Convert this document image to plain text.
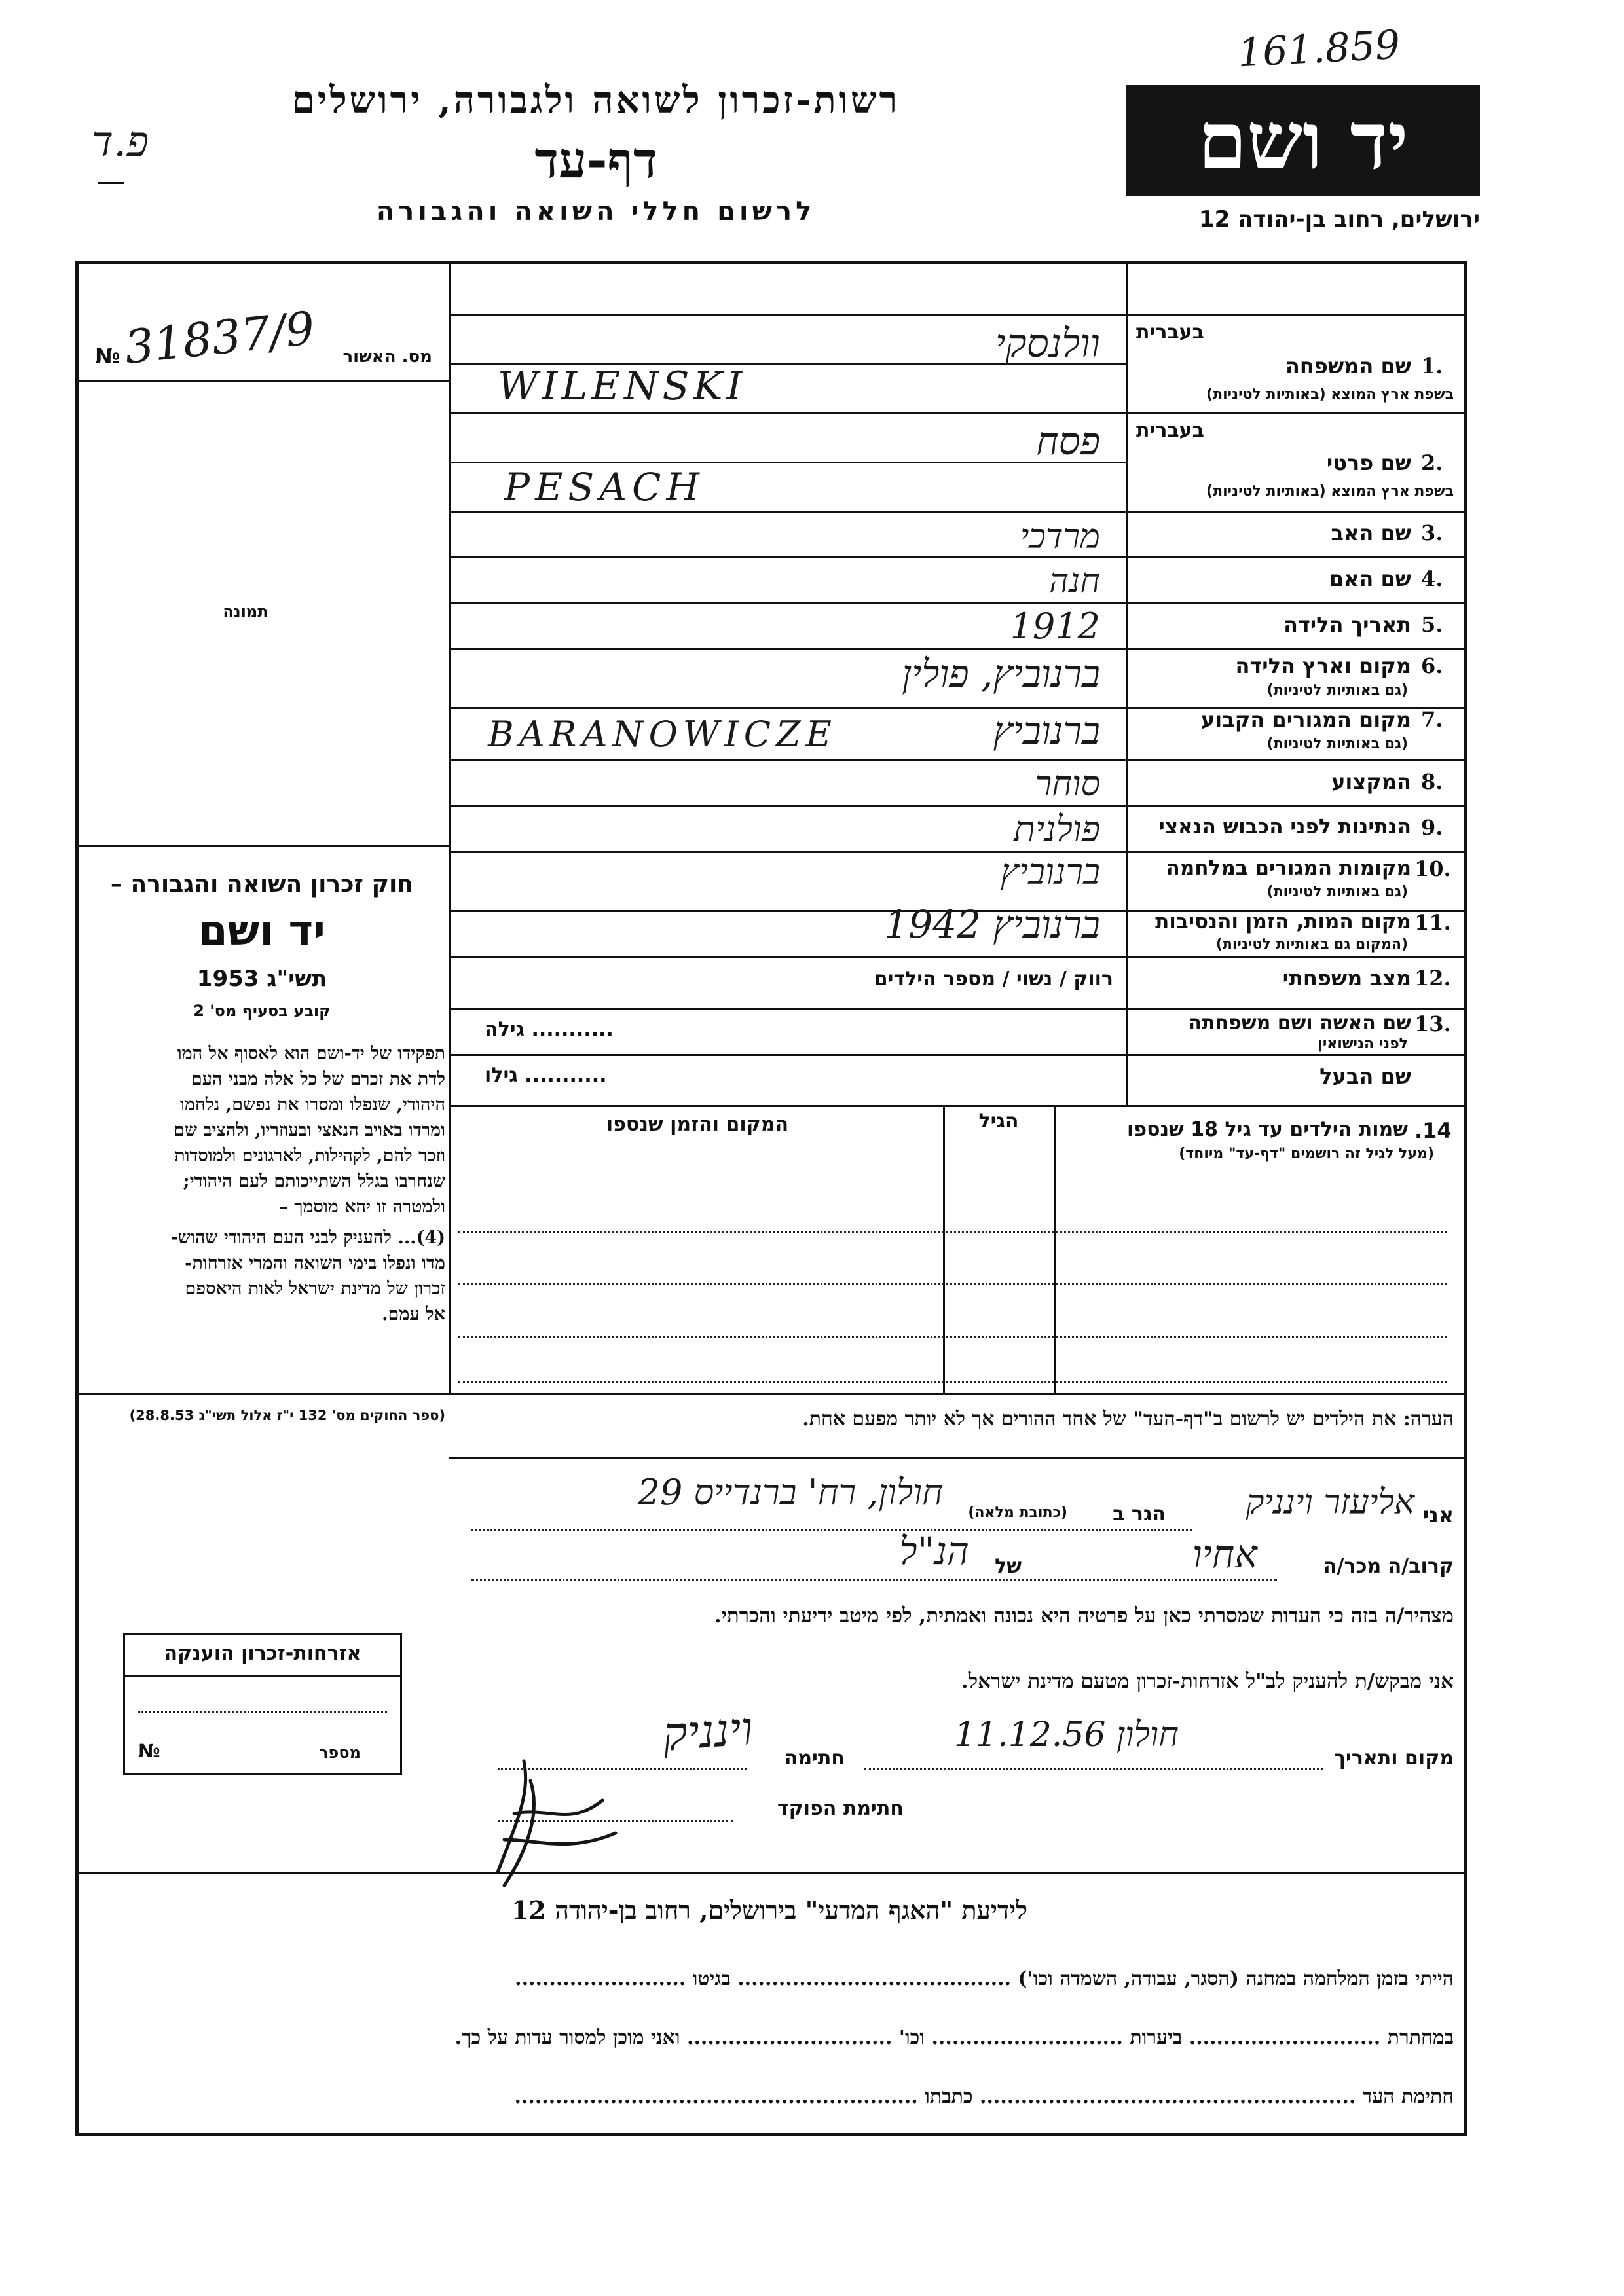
161.859
פ.ד
רשות-זכרון לשואה ולגבורה, ירושלים
דף-עד
לרשום חללי השואה והגבורה
יד ושם
ירושלים, רחוב בן-יהודה 12
מס. האשור
№ 31837/9
תמונה
חוק זכרון השואה והגבורה –
יד ושם
תשי"ג 1953
קובע בסעיף מס' 2
תפקידו של יד-ושם הוא לאסוף אל המו
לדת את זכרם של כל אלה מבני העם
היהודי, שנפלו ומסרו את נפשם, נלחמו
ומרדו באויב הנאצי ובעוזריו, ולהציב שם
וזכר להם, לקהילות, לארגונים ולמוסדות
שנחרבו בגלל השתייכותם לעם היהודי;
ולמטרה זו יהא מוסמך –
(4)... להעניק לבני העם היהודי שהוש-
מדו ונפלו בימי השואה והמרי אזרחות-
זכרון של מדינת ישראל לאות היאספם
אל עמם.
(ספר החוקים מס' 132 י"ז אלול תשי"ג 28.8.53)
בעברית
שם המשפחה 1.
בשפת ארץ המוצא (באותיות לטיניות)
וולנסקי
WILENSKI
בעברית
שם פרטי 2.
בשפת ארץ המוצא (באותיות לטיניות)
פסח
PESACH
שם האב 3.
מרדכי
שם האם 4.
חנה
תאריך הלידה 5.
1912
מקום וארץ הלידה 6.
(גם באותיות לטיניות)
ברנוביץ, פולין
מקום המגורים הקבוע 7.
(גם באותיות לטיניות)
ברנוביץ
BARANOWICZE
המקצוע 8.
סוחר
הנתינות לפני הכבוש הנאצי 9.
פולנית
מקומות המגורים במלחמה 10.
(גם באותיות לטיניות)
ברנוביץ
מקום המות, הזמן והנסיבות 11.
(המקום גם באותיות לטיניות)
ברנוביץ 1942
מצב משפחתי 12.
רווק / נשוי / מספר הילדים
שם האשה ושם משפחתה 13.
לפני הנישואין
גילה ...........
שם הבעל
גילו ...........
14.
שמות הילדים עד גיל 18 שנספו
(מעל לגיל זה רושמים "דף-עד" מיוחד)
הגיל
המקום והזמן שנספו
הערה: את הילדים יש לרשום ב"דף-העד" של אחד ההורים אך לא יותר מפעם אחת.
אני
אליעזר וינניק
הגר ב
(כתובת מלאה)
חולון, רח' ברנדייס 29
קרוב/ה מכר/ה
אחיו
של
הנ"ל
מצהיר/ה בזה כי העדות שמסרתי כאן על פרטיה היא נכונה ואמתית, לפי מיטב ידיעתי והכרתי.
אני מבקש/ת להעניק לב"ל אזרחות-זכרון מטעם מדינת ישראל.
מקום ותאריך
חולון 11.12.56
חתימה
וינניק
חתימת הפוקד
אזרחות-זכרון הוענקה
מספר
№
לידיעת "האגף המדעי" בירושלים, רחוב בן-יהודה 12
הייתי בזמן המלחמה במחנה (הסגר, עבודה, השמדה וכו') ........................................ בגיטו .........................
במחתרת ............................ ביערות ............................ וכו' .............................. ואני מוכן למסור עדות על כך.
חתימת העד ....................................................... כתבתו ...........................................................
